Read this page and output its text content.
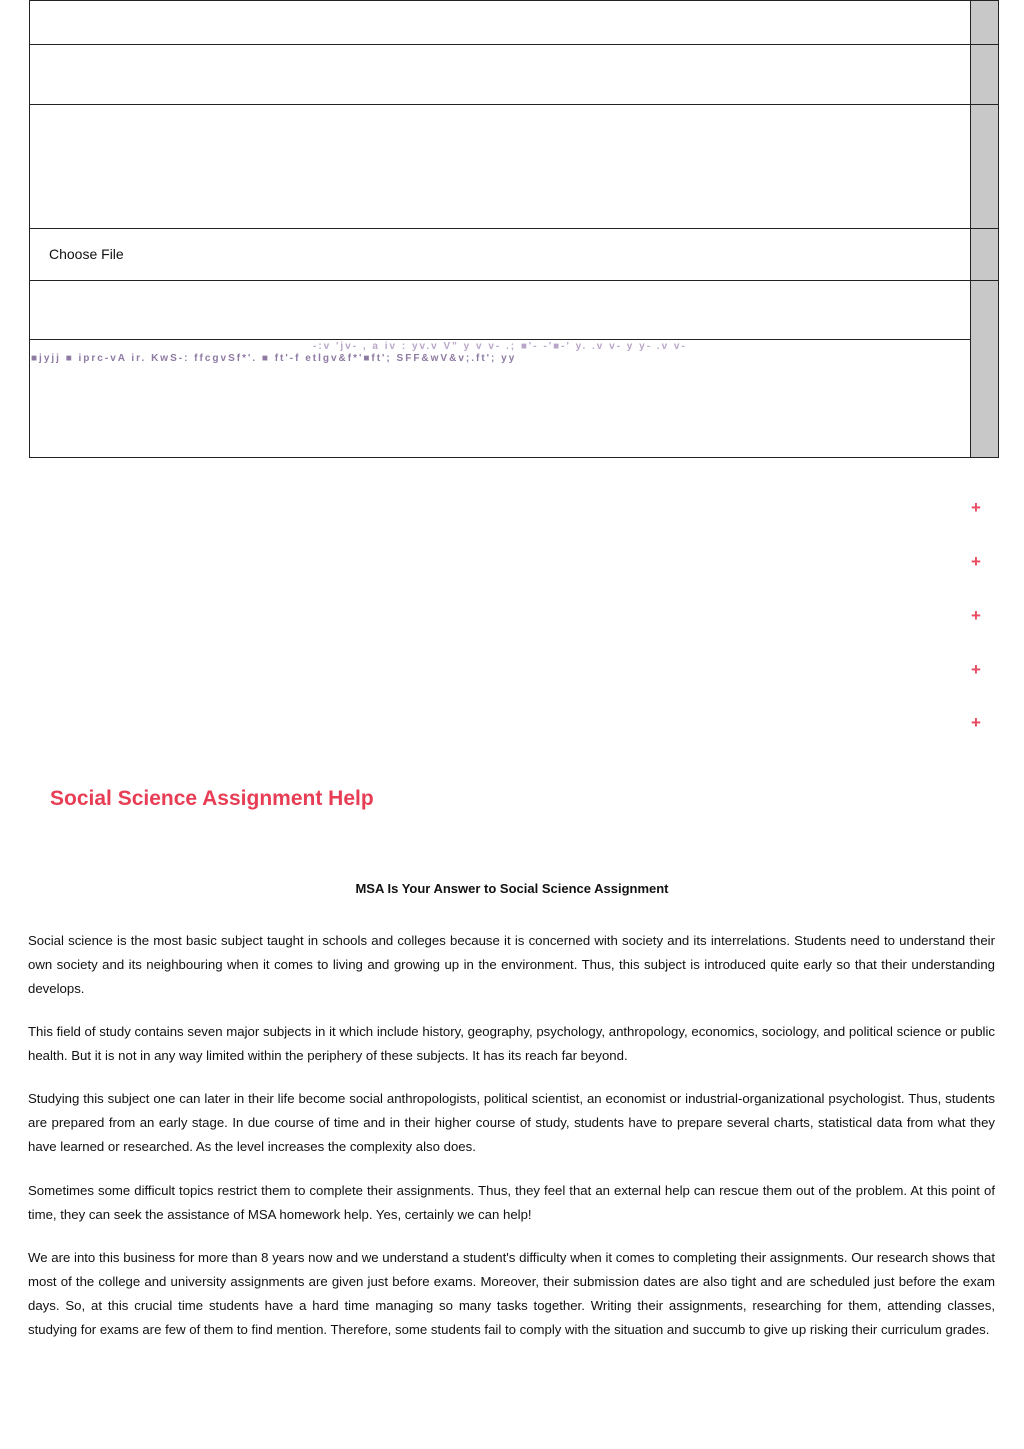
Choose File
-:v 'jv- , a iv : yv.v V" y v v- .; ■'- -'■-' y. .v v- y y- .v v-
■jyjj ■ iprc-vA ir. KwS-: ffcgvSf*'. ■ ft'-f etlgv&f*'■ft'; SFF&wV&v;.ft'; yy
+
+
+
+
+
Social Science Assignment Help
MSA Is Your Answer to Social Science Assignment

Social science is the most basic subject taught in schools and colleges because it is concerned with society and its interrelations. Students need to understand their own society and its neighbouring when it comes to living and growing up in the environment. Thus, this subject is introduced quite early so that their understanding develops.

This field of study contains seven major subjects in it which include history, geography, psychology, anthropology, economics, sociology, and political science or public health. But it is not in any way limited within the periphery of these subjects. It has its reach far beyond.

Studying this subject one can later in their life become social anthropologists, political scientist, an economist or industrial-organizational psychologist. Thus, students are prepared from an early stage. In due course of time and in their higher course of study, students have to prepare several charts, statistical data from what they have learned or researched. As the level increases the complexity also does.

Sometimes some difficult topics restrict them to complete their assignments. Thus, they feel that an external help can rescue them out of the problem. At this point of time, they can seek the assistance of MSA homework help. Yes, certainly we can help!

We are into this business for more than 8 years now and we understand a student's difficulty when it comes to completing their assignments. Our research shows that most of the college and university assignments are given just before exams. Moreover, their submission dates are also tight and are scheduled just before the exam days. So, at this crucial time students have a hard time managing so many tasks together. Writing their assignments, researching for them, attending classes, studying for exams are few of them to find mention. Therefore, some students fail to comply with the situation and succumb to give up risking their curriculum grades.
